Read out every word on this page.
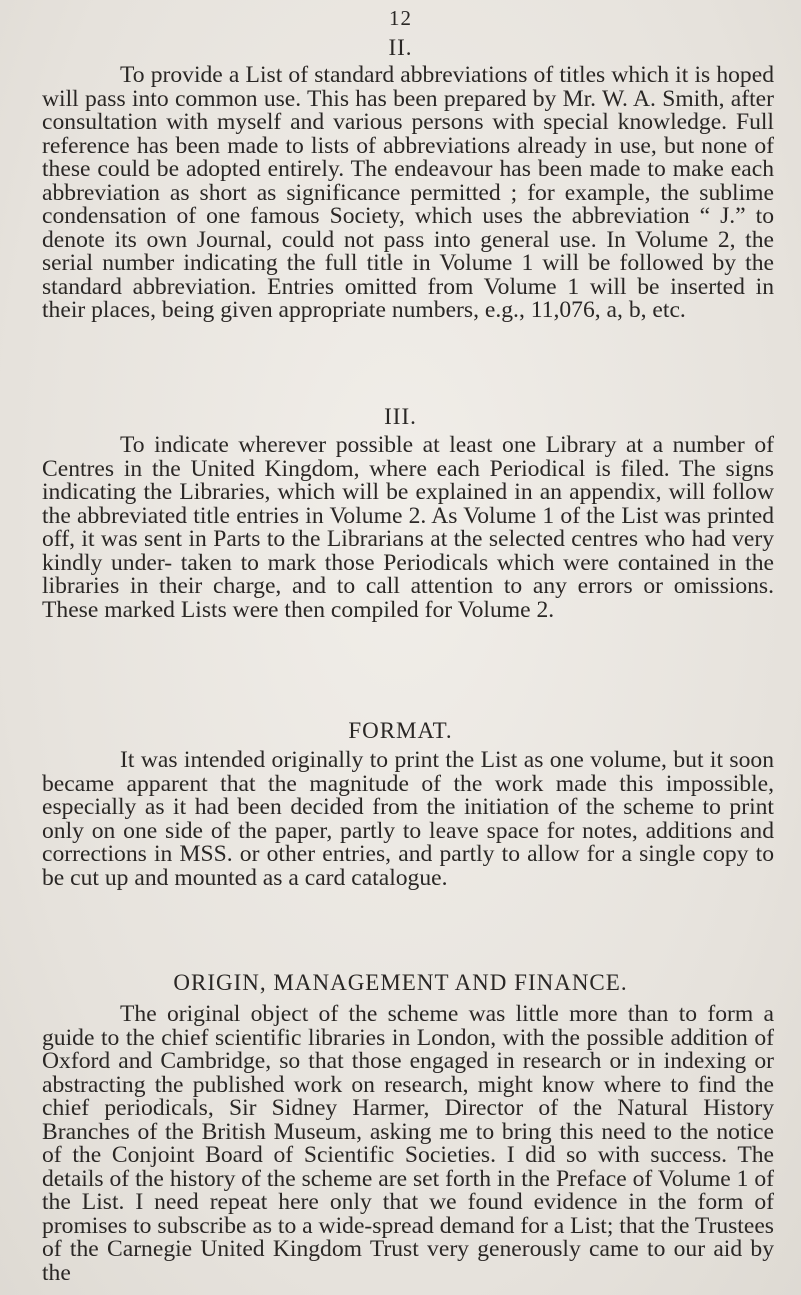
12
II.
To provide a List of standard abbreviations of titles which it is hoped will pass into common use. This has been prepared by Mr. W. A. Smith, after consultation with myself and various persons with special knowledge. Full reference has been made to lists of abbreviations already in use, but none of these could be adopted entirely. The endeavour has been made to make each abbreviation as short as significance permitted ; for example, the sublime condensation of one famous Society, which uses the abbreviation “ J.” to denote its own Journal, could not pass into general use. In Volume 2, the serial number indicating the full title in Volume 1 will be followed by the standard abbreviation. Entries omitted from Volume 1 will be inserted in their places, being given appropriate numbers, e.g., 11,076, a, b, etc.
III.
To indicate wherever possible at least one Library at a number of Centres in the United Kingdom, where each Periodical is filed. The signs indicating the Libraries, which will be explained in an appendix, will follow the abbreviated title entries in Volume 2. As Volume 1 of the List was printed off, it was sent in Parts to the Librarians at the selected centres who had very kindly under- taken to mark those Periodicals which were contained in the libraries in their charge, and to call attention to any errors or omissions. These marked Lists were then compiled for Volume 2.
FORMAT.
It was intended originally to print the List as one volume, but it soon became apparent that the magnitude of the work made this impossible, especially as it had been decided from the initiation of the scheme to print only on one side of the paper, partly to leave space for notes, additions and corrections in MSS. or other entries, and partly to allow for a single copy to be cut up and mounted as a card catalogue.
ORIGIN, MANAGEMENT AND FINANCE.
The original object of the scheme was little more than to form a guide to the chief scientific libraries in London, with the possible addition of Oxford and Cambridge, so that those engaged in research or in indexing or abstracting the published work on research, might know where to find the chief periodicals, Sir Sidney Harmer, Director of the Natural History Branches of the British Museum, asking me to bring this need to the notice of the Conjoint Board of Scientific Societies. I did so with success. The details of the history of the scheme are set forth in the Preface of Volume 1 of the List. I need repeat here only that we found evidence in the form of promises to subscribe as to a wide-spread demand for a List; that the Trustees of the Carnegie United Kingdom Trust very generously came to our aid by the
